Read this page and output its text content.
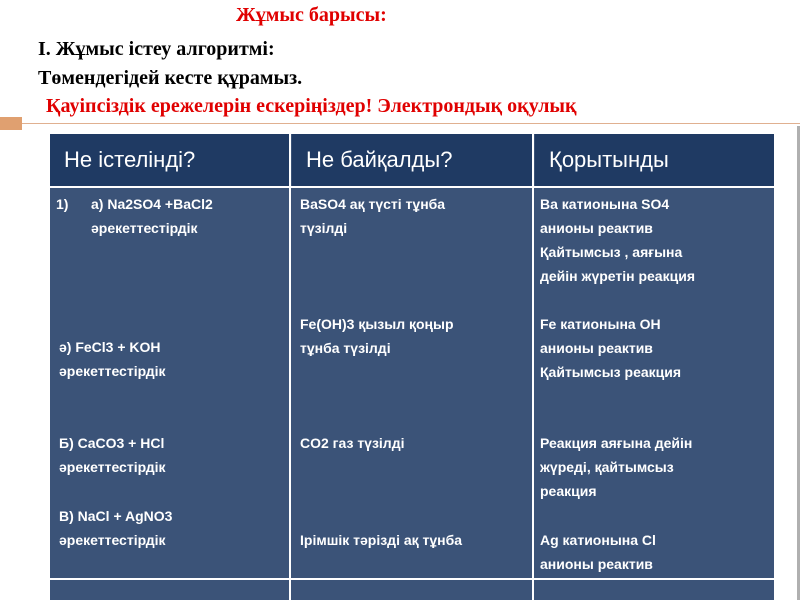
Жұмыс барысы:
І. Жұмыс істеу алгоритмі:
Төмендегідей кесте құрамыз.
Қауіпсіздік ережелерін ескеріңіздер! Электрондық оқулық
Не істелінді?	Не байқалды?	Қорытынды
1) а) Na2SO4 +BaCl2
әрекеттестірдік
ә) FeCl3 + KOH
әрекеттестірдік
Б) CaCO3 + HCl
әрекеттестірдік
В) NaCl + AgNO3
әрекеттестірдік
BaSO4 ақ түсті тұнба
түзілді
Fe(OH)3 қызыл қоңыр
тұнба түзілді
CO2 газ түзілді
Ірімшік тәрізді ақ тұнба
Ва катионына SO4
анионы реактив
Қайтымсыз , аяғына
дейін жүретін реакция
Fe катионына OH
анионы реактив
Қайтымсыз реакция
Реакция аяғына дейін
жүреді, қайтымсыз
реакция
Ag катионына Cl
анионы реактив
